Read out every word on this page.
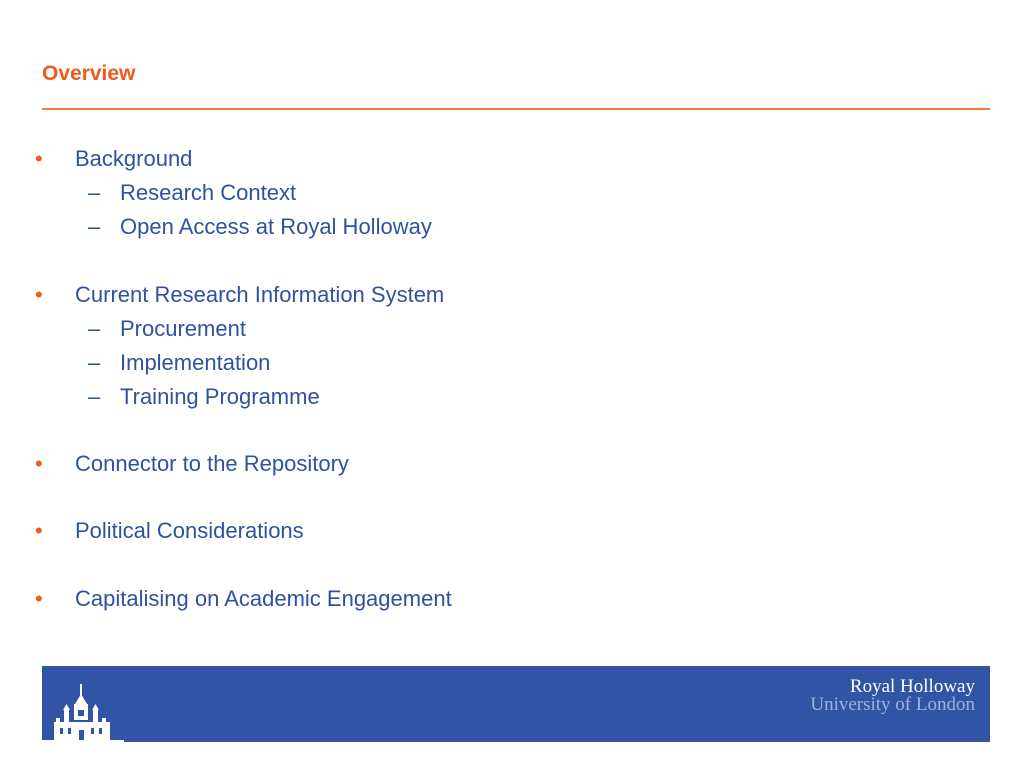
Overview
• Background
– Research Context
– Open Access at Royal Holloway
• Current Research Information System
– Procurement
– Implementation
– Training Programme
• Connector to the Repository
• Political Considerations
• Capitalising on Academic Engagement
Royal Holloway
University of London
